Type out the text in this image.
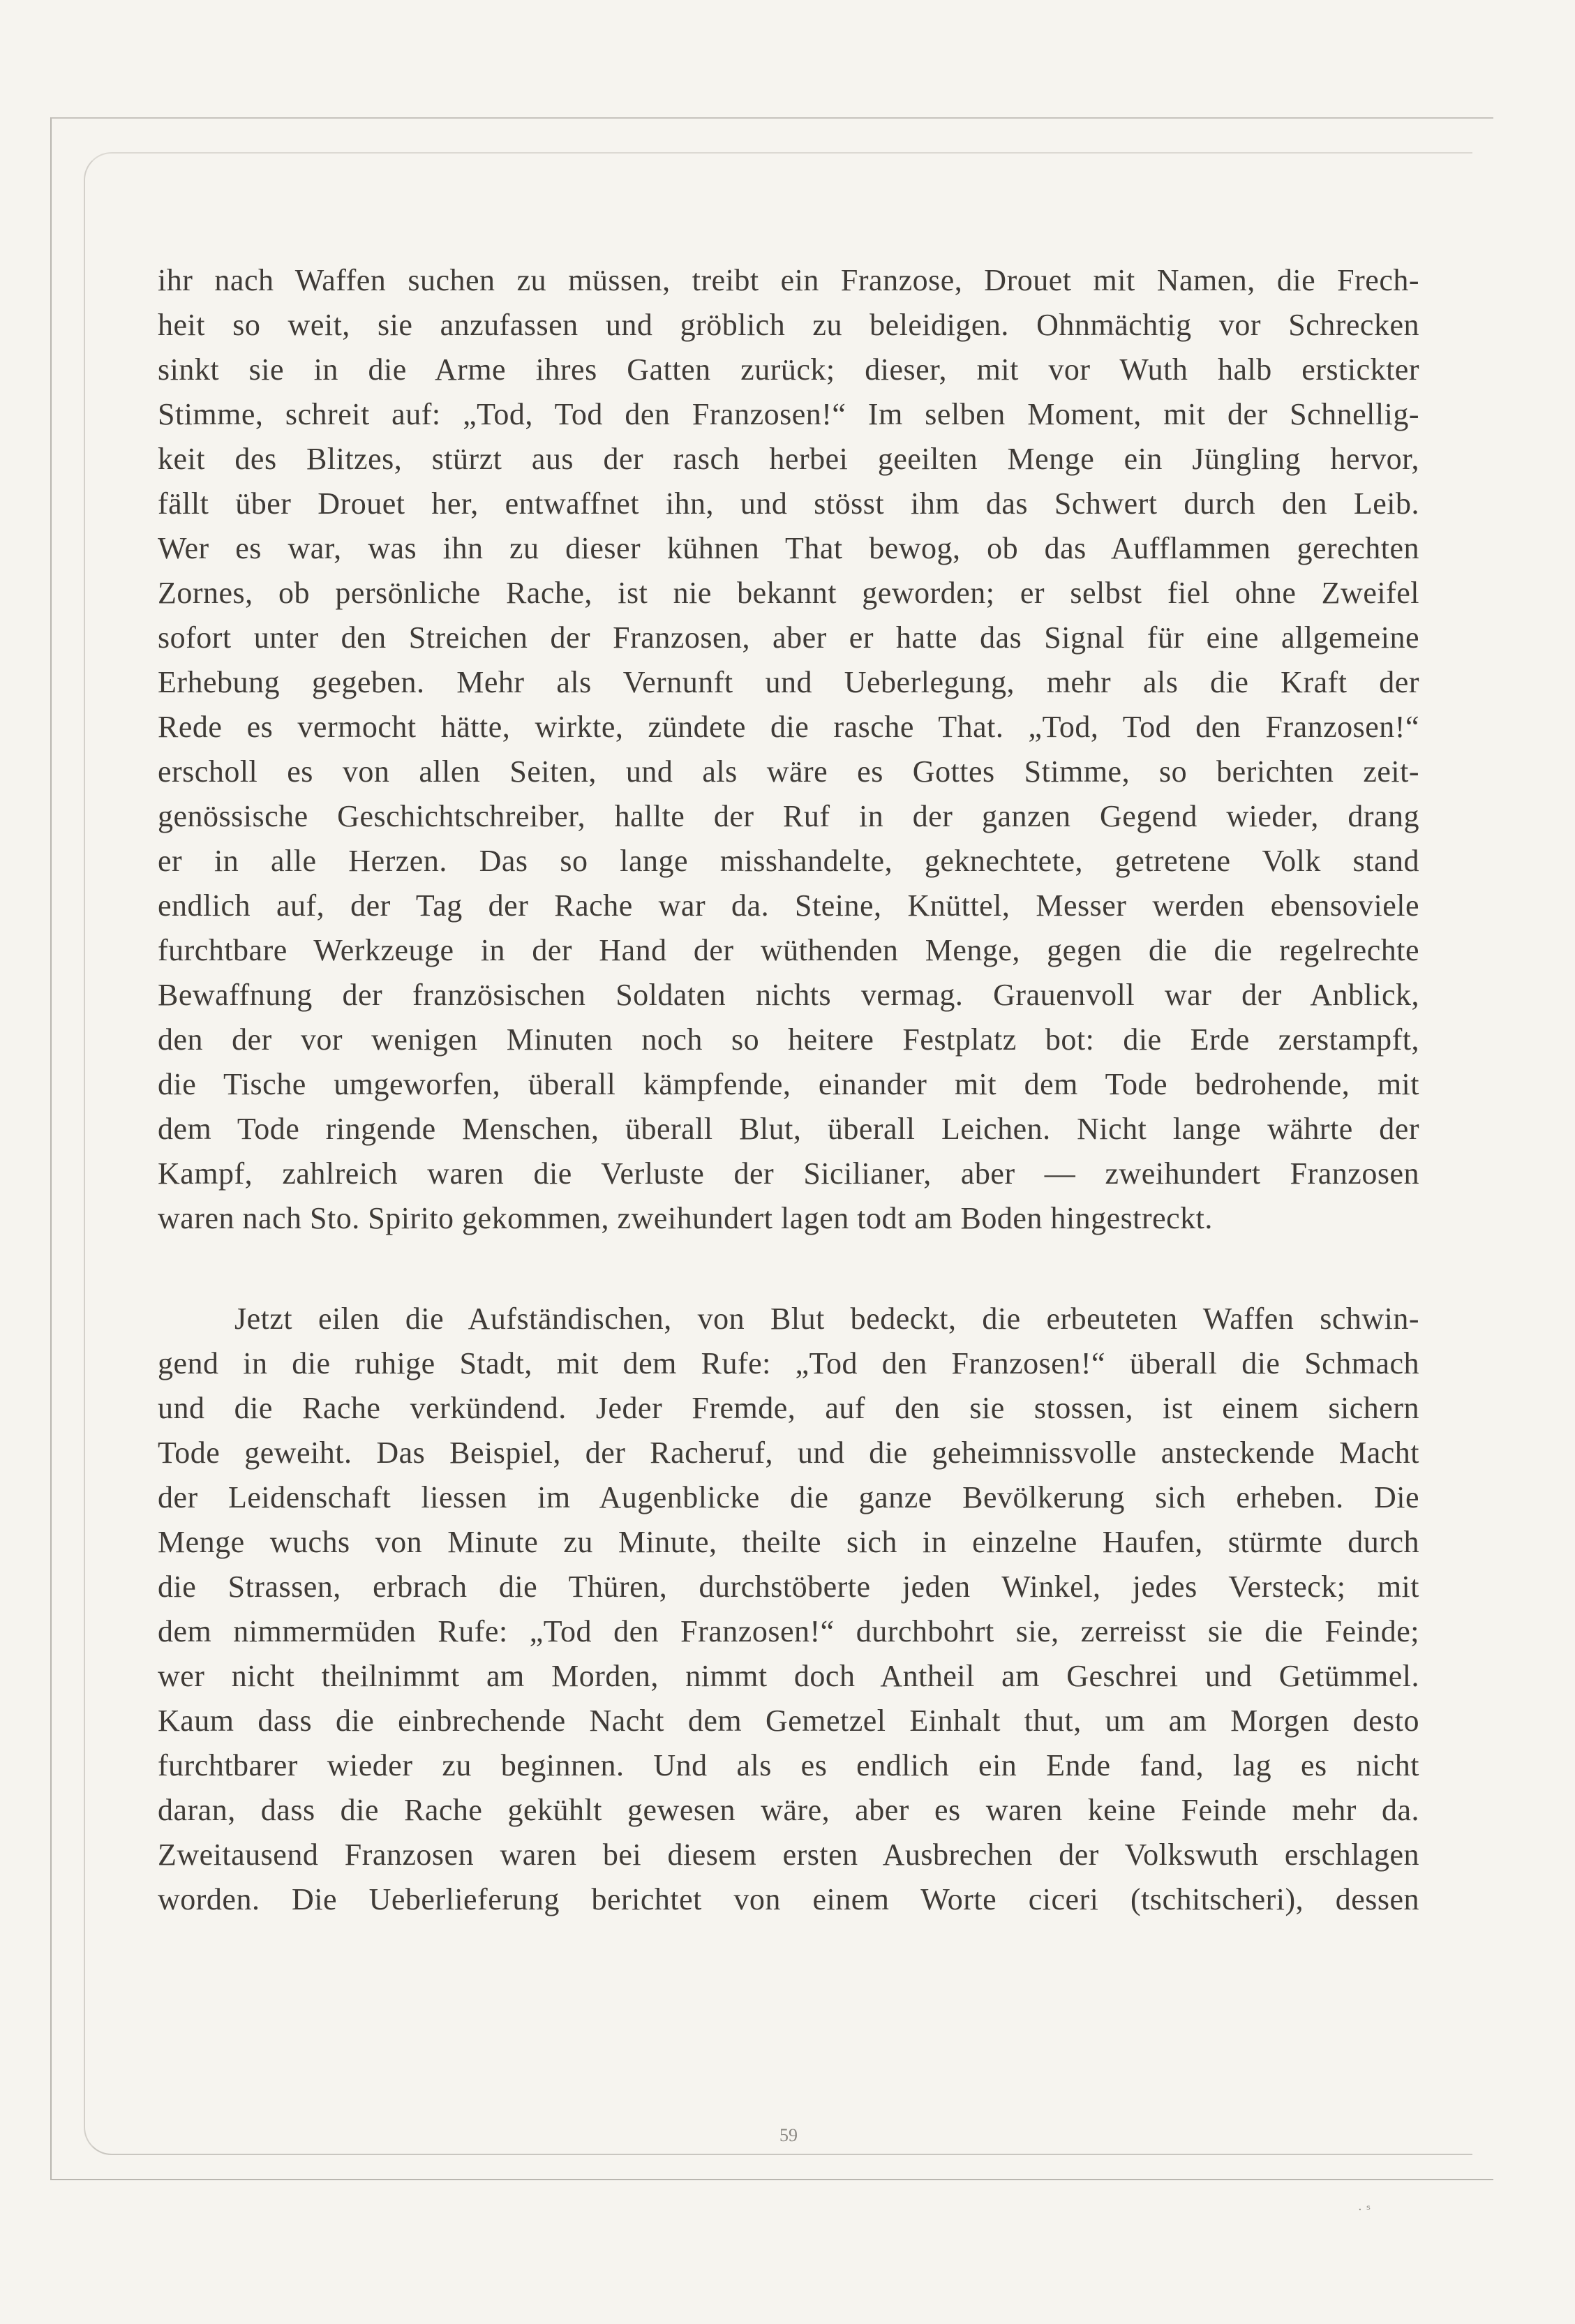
ihr nach Waffen suchen zu müssen, treibt ein Franzose, Drouet mit Namen, die Frech-
heit so weit, sie anzufassen und gröblich zu beleidigen. Ohnmächtig vor Schrecken
sinkt sie in die Arme ihres Gatten zurück; dieser, mit vor Wuth halb erstickter
Stimme, schreit auf: „Tod, Tod den Franzosen!“ Im selben Moment, mit der Schnellig-
keit des Blitzes, stürzt aus der rasch herbei geeilten Menge ein Jüngling hervor,
fällt über Drouet her, entwaffnet ihn, und stösst ihm das Schwert durch den Leib.
Wer es war, was ihn zu dieser kühnen That bewog, ob das Aufflammen gerechten
Zornes, ob persönliche Rache, ist nie bekannt geworden; er selbst fiel ohne Zweifel
sofort unter den Streichen der Franzosen, aber er hatte das Signal für eine allgemeine
Erhebung gegeben. Mehr als Vernunft und Ueberlegung, mehr als die Kraft der
Rede es vermocht hätte, wirkte, zündete die rasche That. „Tod, Tod den Franzosen!“
erscholl es von allen Seiten, und als wäre es Gottes Stimme, so berichten zeit-
genössische Geschichtschreiber, hallte der Ruf in der ganzen Gegend wieder, drang
er in alle Herzen. Das so lange misshandelte, geknechtete, getretene Volk stand
endlich auf, der Tag der Rache war da. Steine, Knüttel, Messer werden ebensoviele
furchtbare Werkzeuge in der Hand der wüthenden Menge, gegen die die regelrechte
Bewaffnung der französischen Soldaten nichts vermag. Grauenvoll war der Anblick,
den der vor wenigen Minuten noch so heitere Festplatz bot: die Erde zerstampft,
die Tische umgeworfen, überall kämpfende, einander mit dem Tode bedrohende, mit
dem Tode ringende Menschen, überall Blut, überall Leichen. Nicht lange währte der
Kampf, zahlreich waren die Verluste der Sicilianer, aber — zweihundert Franzosen
waren nach Sto. Spirito gekommen, zweihundert lagen todt am Boden hingestreckt.
Jetzt eilen die Aufständischen, von Blut bedeckt, die erbeuteten Waffen schwin-
gend in die ruhige Stadt, mit dem Rufe: „Tod den Franzosen!“ überall die Schmach
und die Rache verkündend. Jeder Fremde, auf den sie stossen, ist einem sichern
Tode geweiht. Das Beispiel, der Racheruf, und die geheimnissvolle ansteckende Macht
der Leidenschaft liessen im Augenblicke die ganze Bevölkerung sich erheben. Die
Menge wuchs von Minute zu Minute, theilte sich in einzelne Haufen, stürmte durch
die Strassen, erbrach die Thüren, durchstöberte jeden Winkel, jedes Versteck; mit
dem nimmermüden Rufe: „Tod den Franzosen!“ durchbohrt sie, zerreisst sie die Feinde;
wer nicht theilnimmt am Morden, nimmt doch Antheil am Geschrei und Getümmel.
Kaum dass die einbrechende Nacht dem Gemetzel Einhalt thut, um am Morgen desto
furchtbarer wieder zu beginnen. Und als es endlich ein Ende fand, lag es nicht
daran, dass die Rache gekühlt gewesen wäre, aber es waren keine Feinde mehr da.
Zweitausend Franzosen waren bei diesem ersten Ausbrechen der Volkswuth erschlagen
worden. Die Ueberlieferung berichtet von einem Worte ciceri (tschitscheri), dessen
59
· ˢ
